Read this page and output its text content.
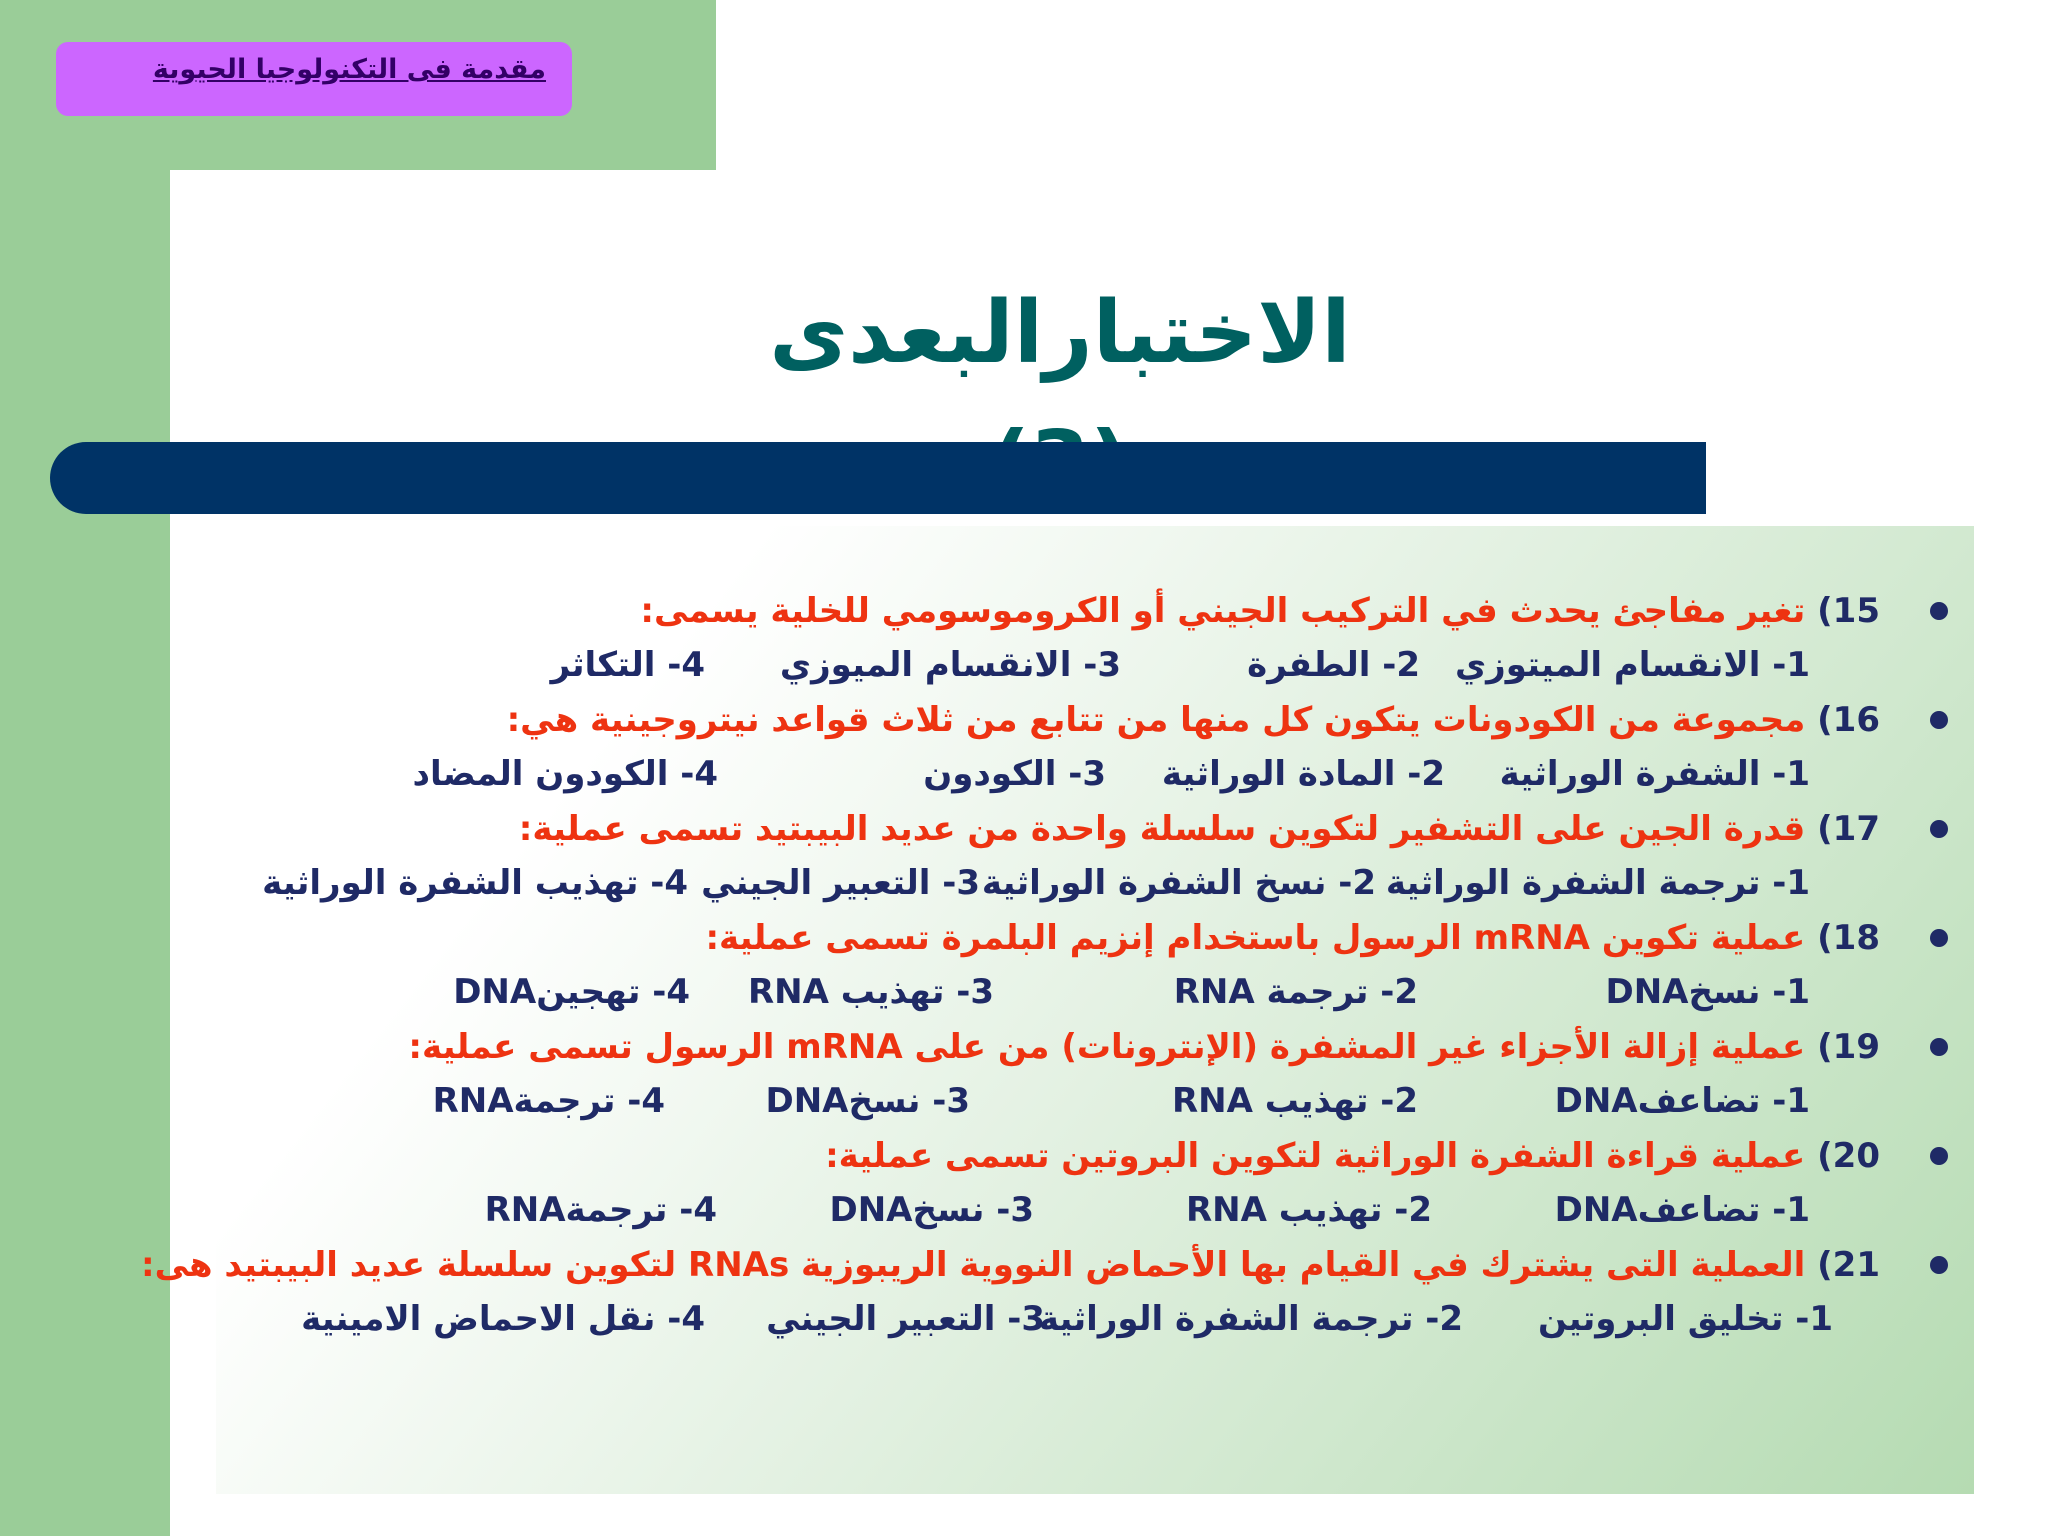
مقدمة فى التكنولوجيا الحيوية
الاختبارالبعدى
15) تغير مفاجئ يحدث في التركيب الجيني أو الكروموسومي للخلية يسمى:
1- الانقسام الميتوزي
2- الطفرة
3- الانقسام الميوزي
4- التكاثر
16) مجموعة من الكودونات يتكون كل منها من تتابع من ثلاث قواعد نيتروجينية هي:
1- الشفرة الوراثية
2- المادة الوراثية
3- الكودون
4- الكودون المضاد
17) قدرة الجين على التشفير لتكوين سلسلة واحدة من عديد البيبتيد تسمى عملية:
1- ترجمة الشفرة الوراثية
2- نسخ الشفرة الوراثية
3- التعبير الجيني
4- تهذيب الشفرة الوراثية
18) عملية تكوين mRNA الرسول باستخدام إنزيم البلمرة تسمى عملية:
1- نسخDNA
2- ترجمة RNA
3- تهذيب RNA
4- تهجينDNA
19) عملية إزالة الأجزاء غير المشفرة (الإنترونات) من على mRNA الرسول تسمى عملية:
1- تضاعفDNA
2- تهذيب RNA
3- نسخDNA
4- ترجمةRNA
20) عملية قراءة الشفرة الوراثية لتكوين البروتين تسمى عملية:
1- تضاعفDNA
2- تهذيب RNA
3- نسخDNA
4- ترجمةRNA
21) العملية التى يشترك في القيام بها الأحماض النووية الريبوزية RNAs لتكوين سلسلة عديد البيبتيد هى:
1- تخليق البروتين
2- ترجمة الشفرة الوراثية
3- التعبير الجيني
4- نقل الاحماض الامينية
